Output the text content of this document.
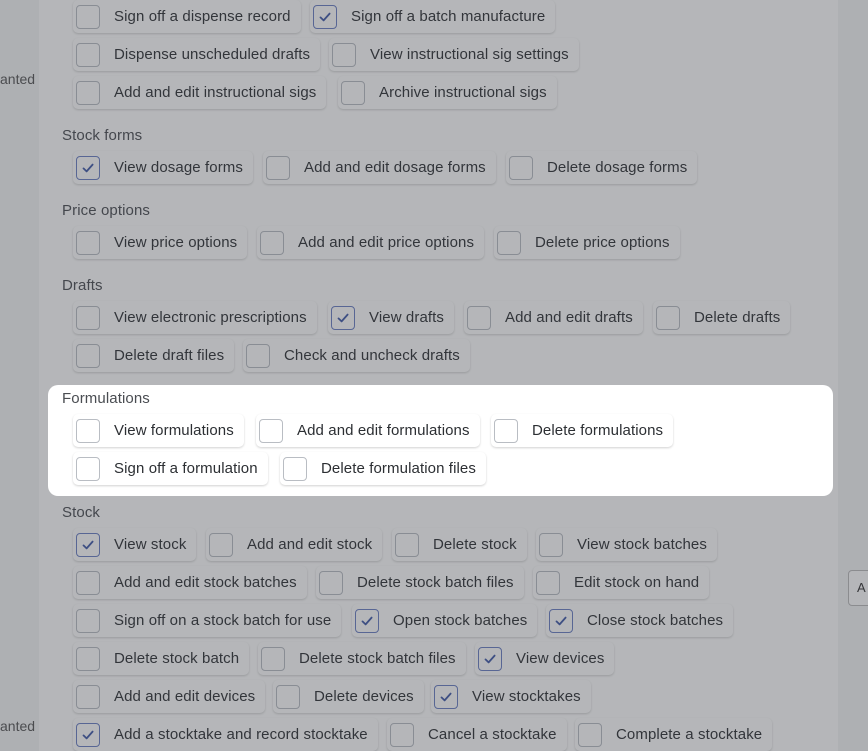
anted
anted
A
Sign off a dispense record	Sign off a batch manufacture
Dispense unscheduled drafts	View instructional sig settings
Add and edit instructional sigs	Archive instructional sigs
Stock forms
View dosage forms	Add and edit dosage forms	Delete dosage forms
Price options
View price options	Add and edit price options	Delete price options
Drafts
View electronic prescriptions	View drafts	Add and edit drafts	Delete drafts
Delete draft files	Check and uncheck drafts
Stock
View stock	Add and edit stock	Delete stock	View stock batches
Add and edit stock batches	Delete stock batch files	Edit stock on hand
Sign off on a stock batch for use	Open stock batches	Close stock batches
Delete stock batch	Delete stock batch files	View devices
Add and edit devices	Delete devices	View stocktakes
Add a stocktake and record stocktake	Cancel a stocktake	Complete a stocktake
Formulations
View formulations	Add and edit formulations	Delete formulations
Sign off a formulation	Delete formulation files
